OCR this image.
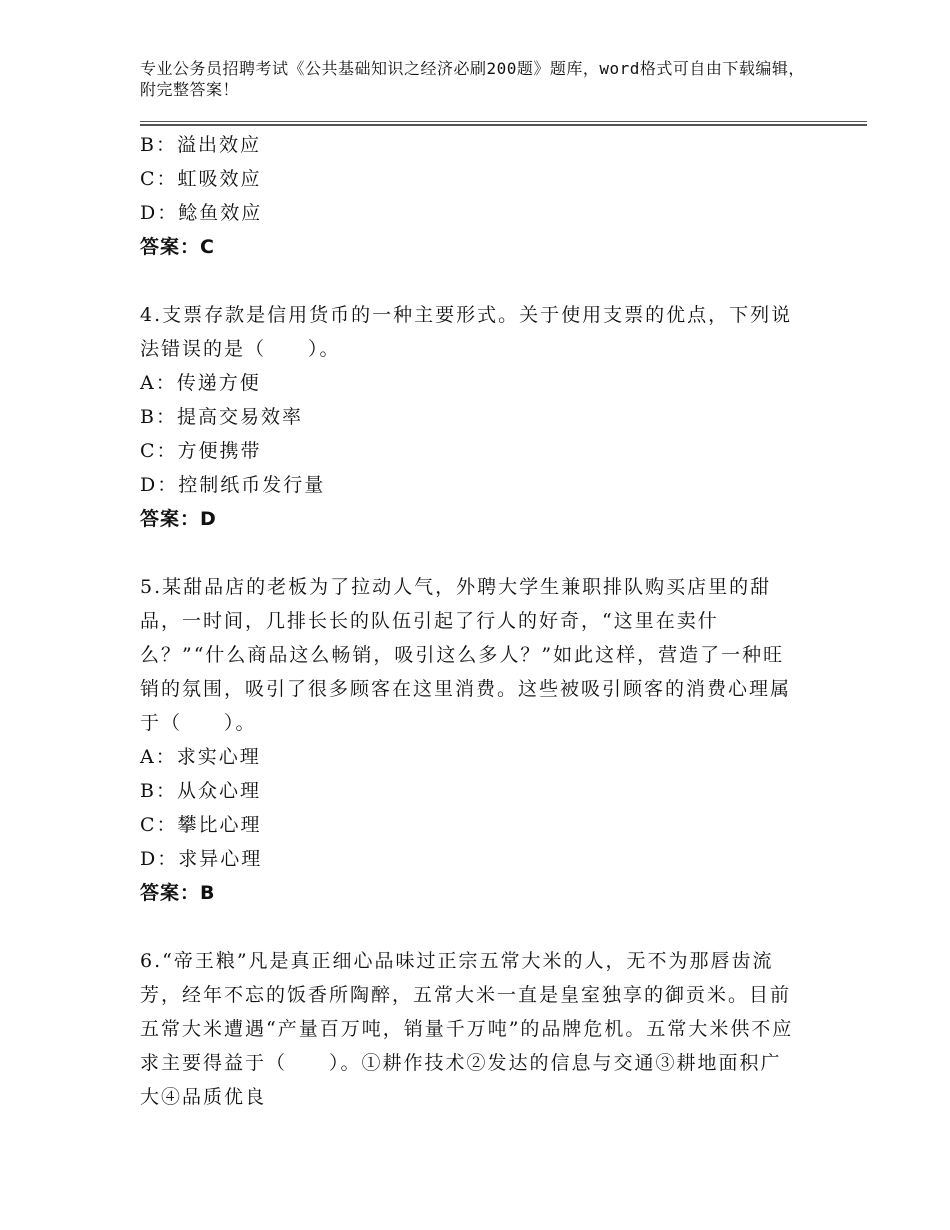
专业公务员招聘考试《公共基础知识之经济必刷200题》题库，word格式可自由下载编辑，附完整答案！
B：溢出效应
C：虹吸效应
D：鲶鱼效应
答案：C
4.支票存款是信用货币的一种主要形式。关于使用支票的优点，下列说法错误的是（　　）。
A：传递方便
B：提高交易效率
C：方便携带
D：控制纸币发行量
答案：D
5.某甜品店的老板为了拉动人气，外聘大学生兼职排队购买店里的甜品，一时间，几排长长的队伍引起了行人的好奇，“这里在卖什么？”“什么商品这么畅销，吸引这么多人？”如此这样，营造了一种旺销的氛围，吸引了很多顾客在这里消费。这些被吸引顾客的消费心理属于（　　）。
A：求实心理
B：从众心理
C：攀比心理
D：求异心理
答案：B
6.“帝王粮”凡是真正细心品味过正宗五常大米的人，无不为那唇齿流芳，经年不忘的饭香所陶醉，五常大米一直是皇室独享的御贡米。目前五常大米遭遇“产量百万吨，销量千万吨”的品牌危机。五常大米供不应求主要得益于（　　）。①耕作技术②发达的信息与交通③耕地面积广大④品质优良
